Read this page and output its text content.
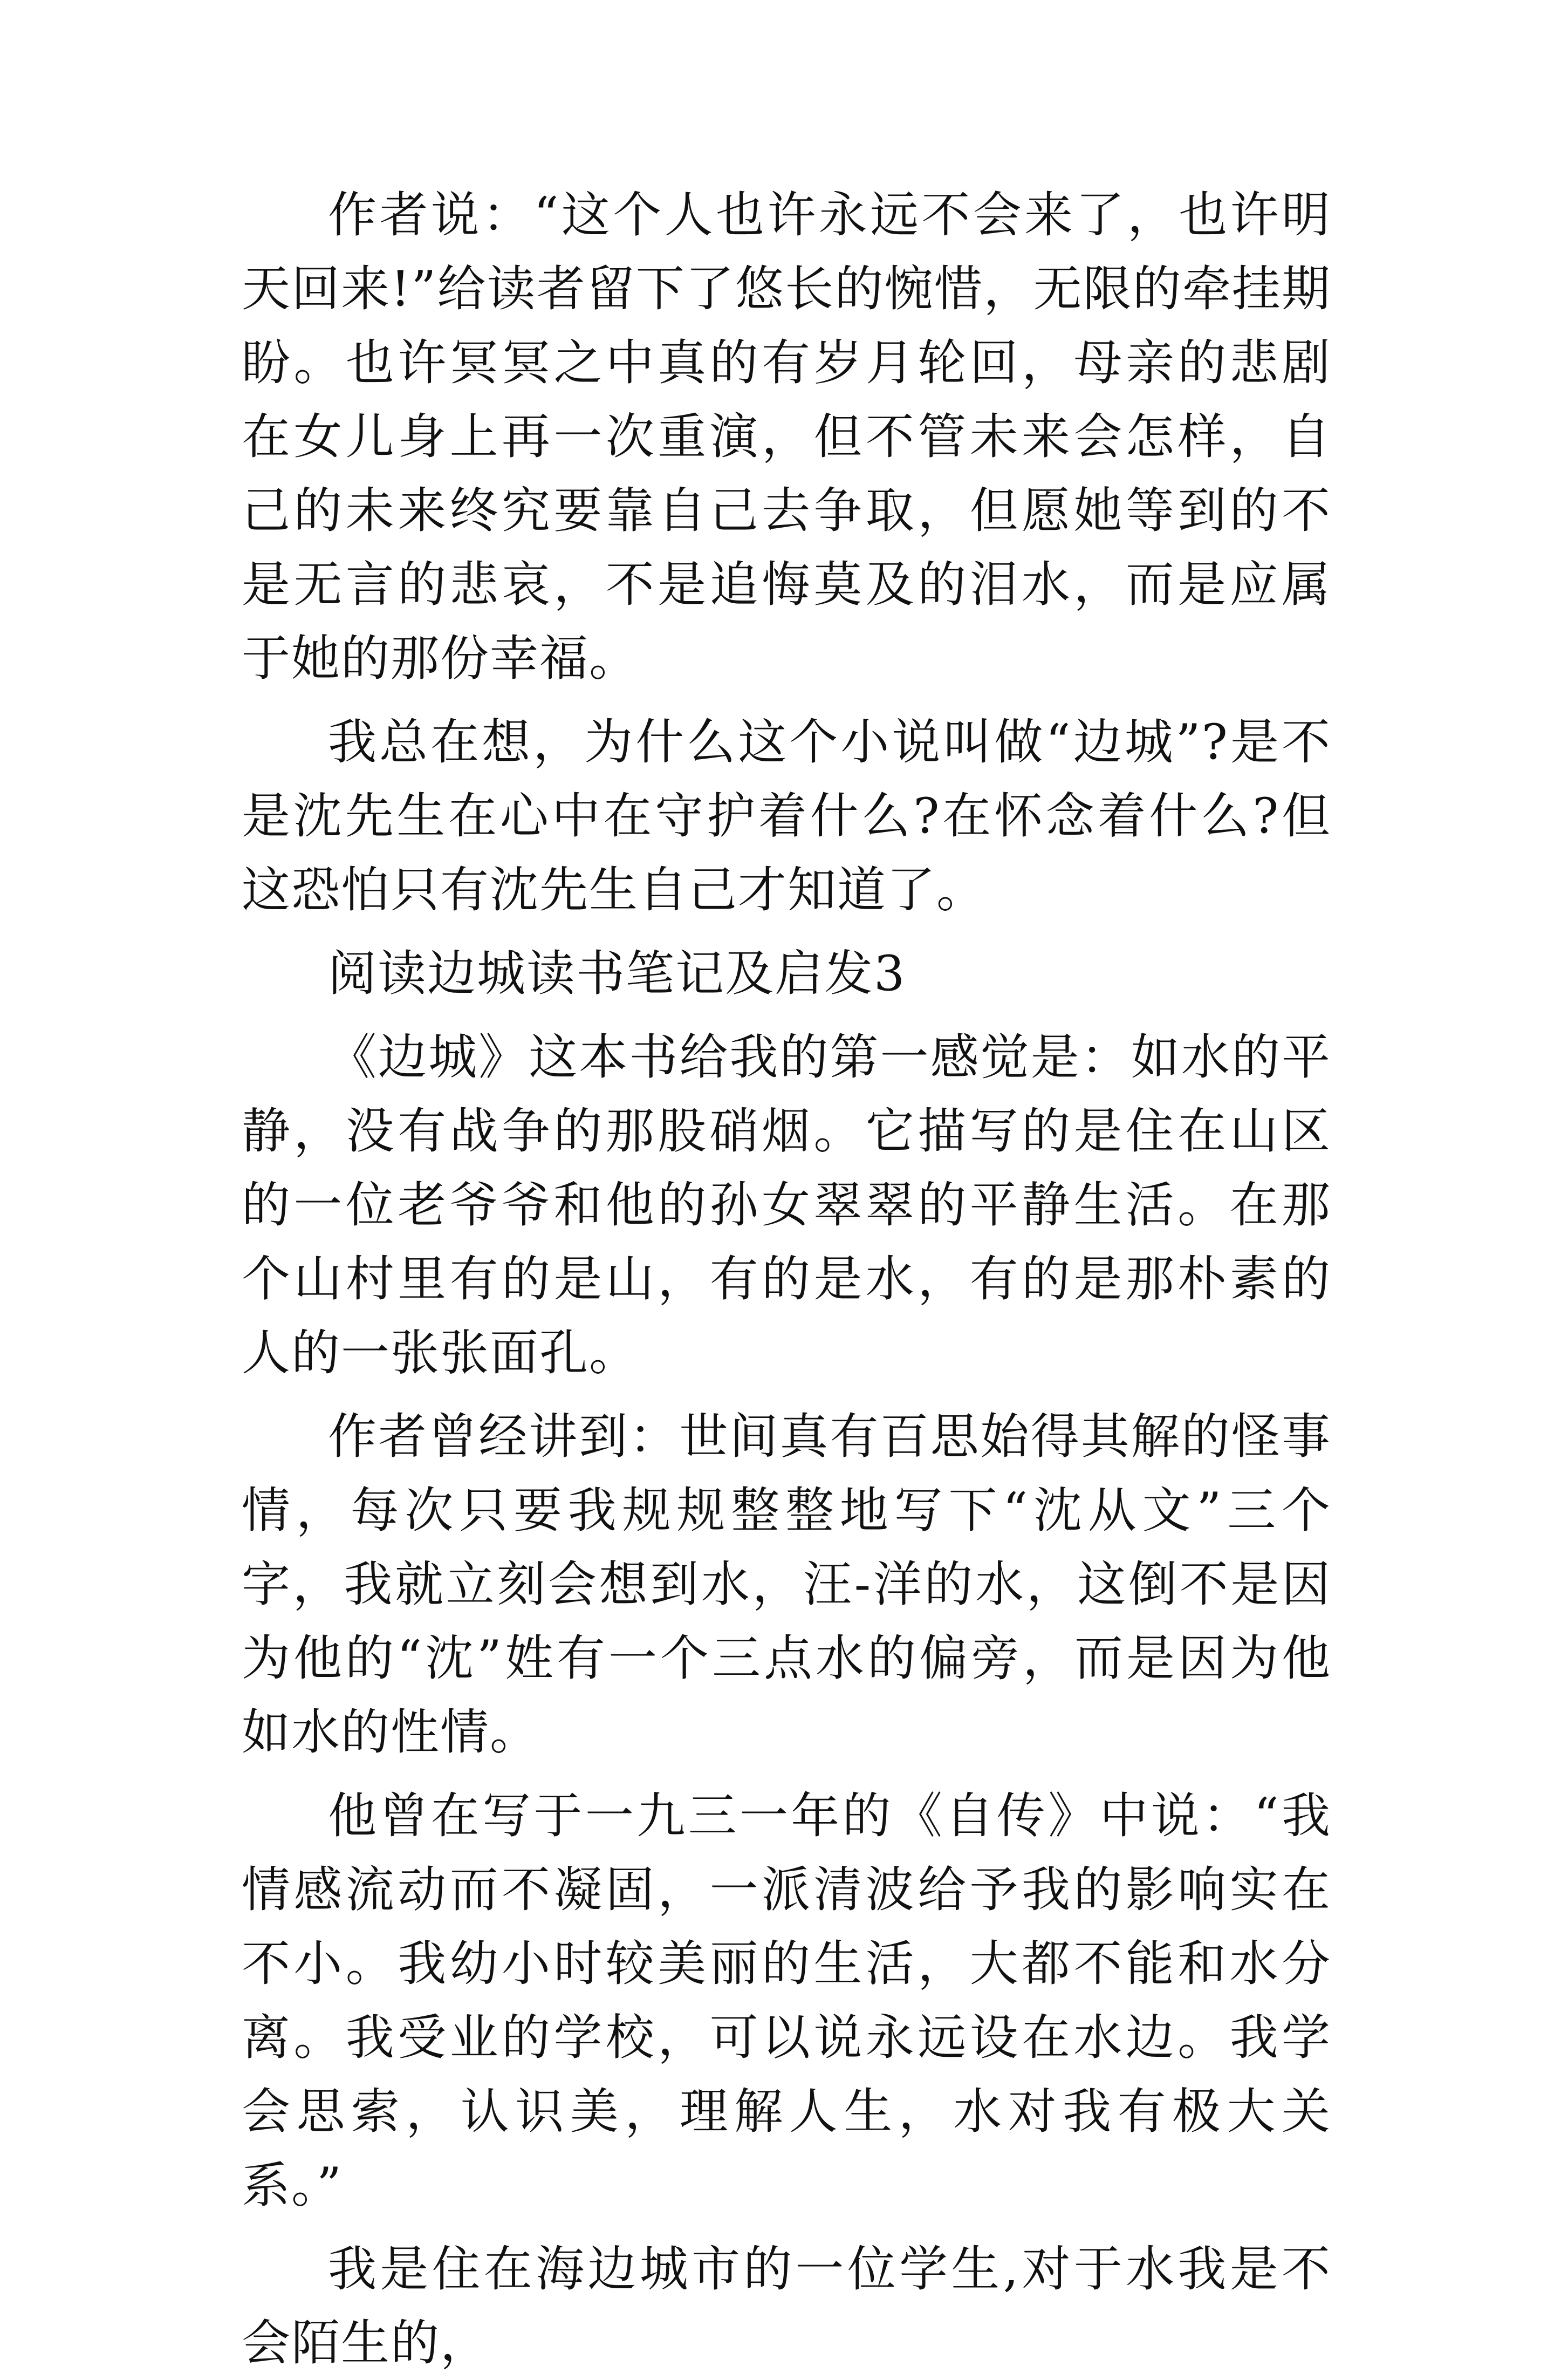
作者说：“这个人也许永远不会来了，也许明天回来!”给读者留下了悠长的惋惜，无限的牵挂期盼。也许冥冥之中真的有岁月轮回，母亲的悲剧在女儿身上再一次重演，但不管未来会怎样，自己的未来终究要靠自己去争取，但愿她等到的不是无言的悲哀，不是追悔莫及的泪水，而是应属于她的那份幸福。

我总在想，为什么这个小说叫做“边城”?是不是沈先生在心中在守护着什么?在怀念着什么?但这恐怕只有沈先生自己才知道了。

阅读边城读书笔记及启发3

《边城》这本书给我的第一感觉是：如水的平静，没有战争的那股硝烟。它描写的是住在山区的一位老爷爷和他的孙女翠翠的平静生活。在那个山村里有的是山，有的是水，有的是那朴素的人的一张张面孔。

作者曾经讲到：世间真有百思始得其解的怪事情，每次只要我规规整整地写下“沈从文”三个字，我就立刻会想到水，汪-洋的水，这倒不是因为他的“沈”姓有一个三点水的偏旁，而是因为他如水的性情。

他曾在写于一九三一年的《自传》中说：“我情感流动而不凝固，一派清波给予我的影响实在不小。我幼小时较美丽的生活，大都不能和水分离。我受业的学校，可以说永远设在水边。我学会思索，认识美，理解人生，水对我有极大关系。”

我是住在海边城市的一位学生,对于水我是不会陌生的，
